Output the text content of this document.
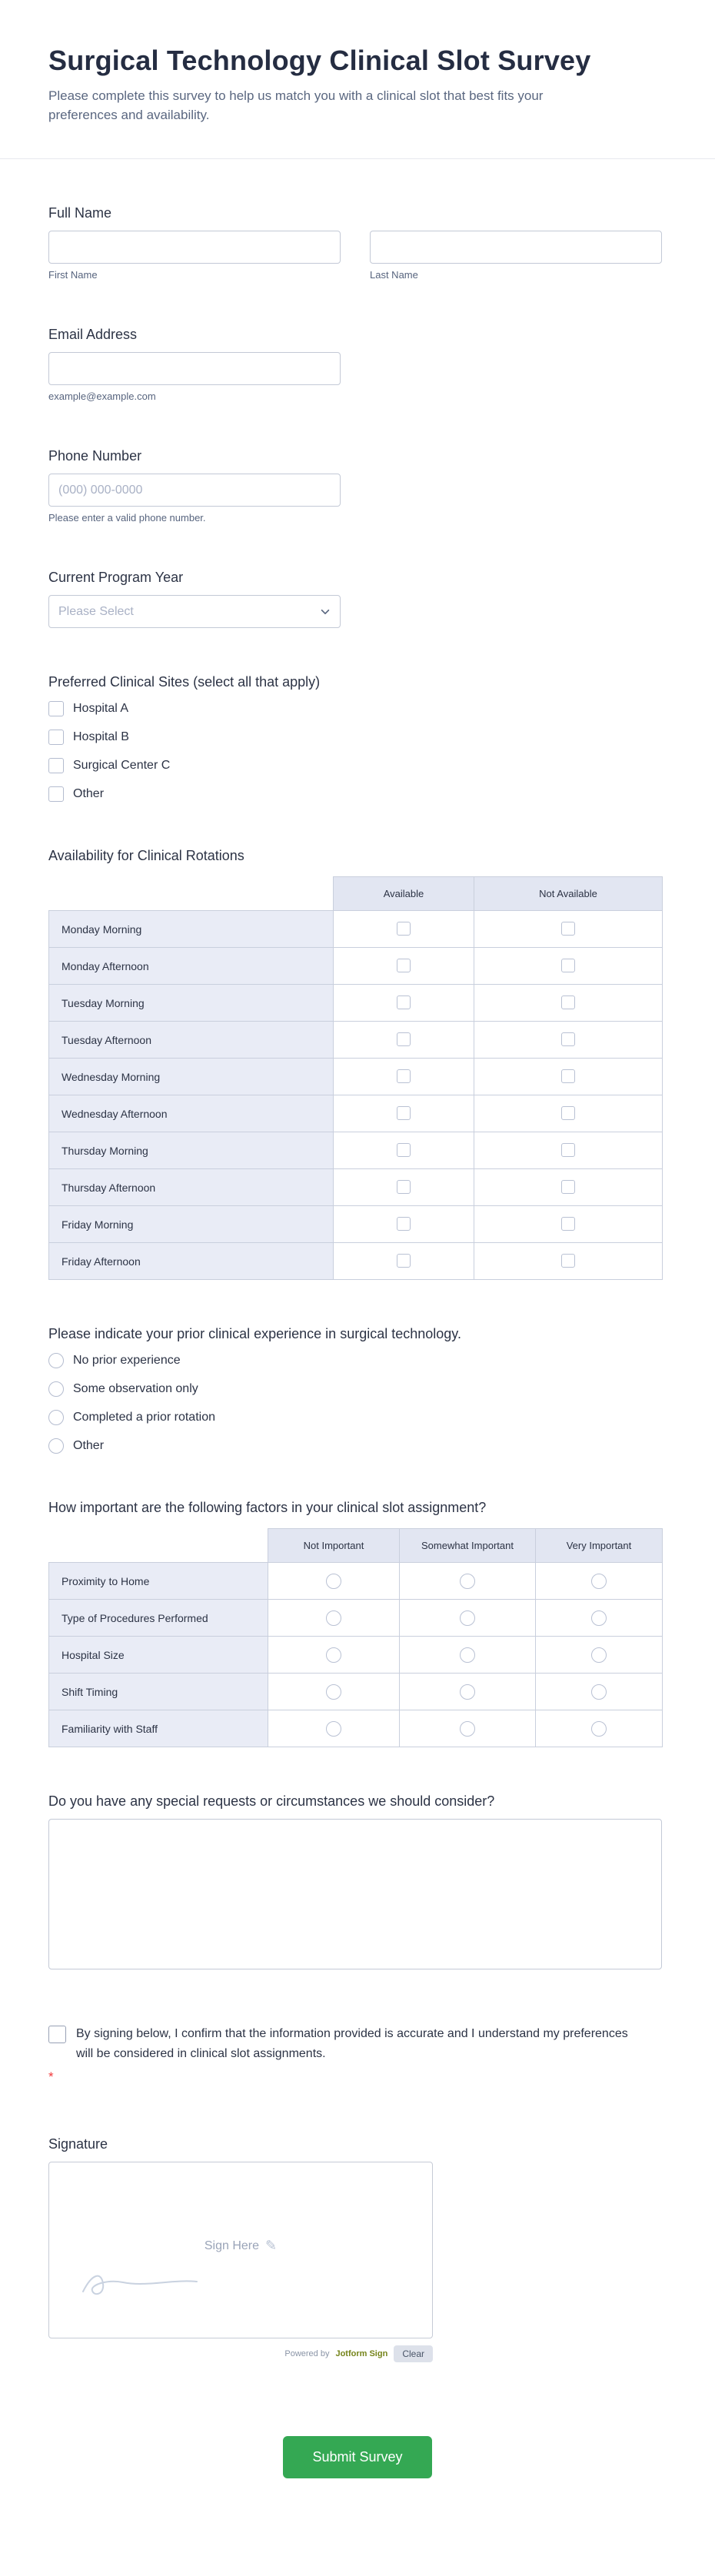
Surgical Technology Clinical Slot Survey

Please complete this survey to help us match you with a clinical slot that best fits your preferences and availability.

Full Name
First Name	Last Name
Email Address
example@example.com
Phone Number
(000) 000-0000
Please enter a valid phone number.
Current Program Year
Please Select
Preferred Clinical Sites (select all that apply)
Hospital A
Hospital B
Surgical Center C
Other
Availability for Clinical Rotations
	Available	Not Available
Monday Morning		
Monday Afternoon		
Tuesday Morning		
Tuesday Afternoon		
Wednesday Morning		
Wednesday Afternoon		
Thursday Morning		
Thursday Afternoon		
Friday Morning		
Friday Afternoon		
Please indicate your prior clinical experience in surgical technology.
No prior experience
Some observation only
Completed a prior rotation
Other
How important are the following factors in your clinical slot assignment?
	Not Important	Somewhat Important	Very Important
Proximity to Home			
Type of Procedures Performed			
Hospital Size			
Shift Timing			
Familiarity with Staff			
Do you have any special requests or circumstances we should consider?
By signing below, I confirm that the information provided is accurate and I understand my preferences will be considered in clinical slot assignments.
*
Signature
Sign Here ✎
Powered by Jotform Sign	Clear
Submit Survey
